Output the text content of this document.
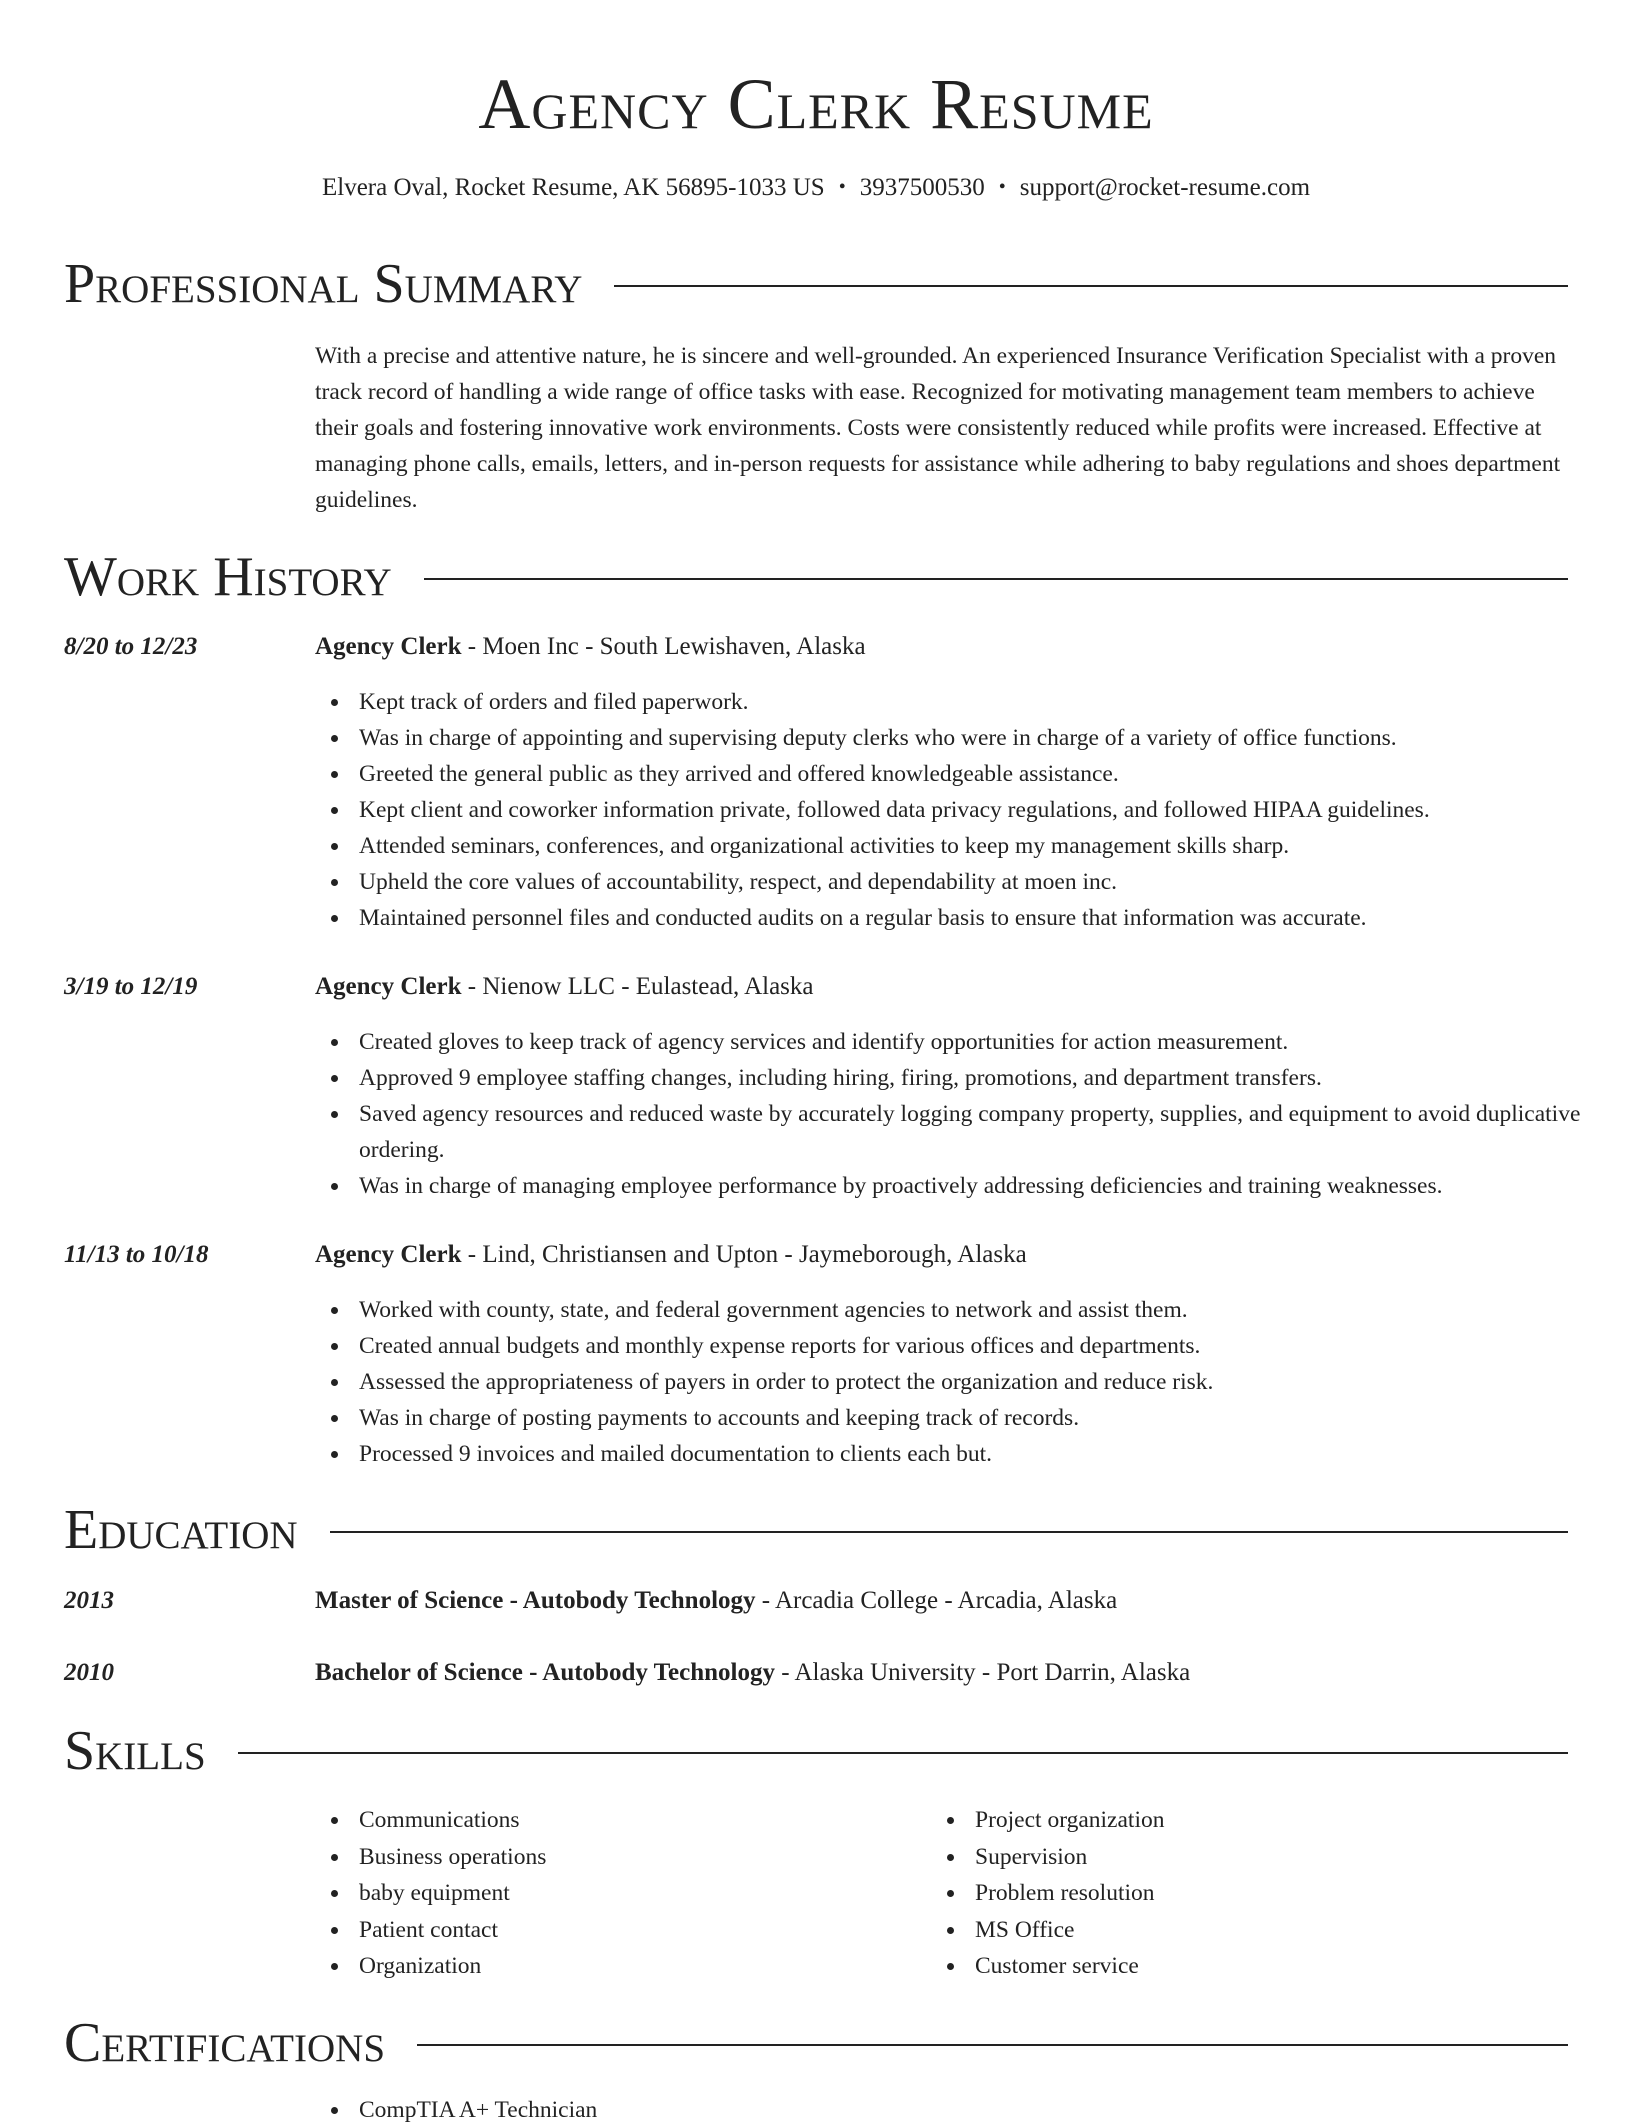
Agency Clerk Resume
Elvera Oval, Rocket Resume, AK 56895-1033 US • 3937500530 • support@rocket-resume.com
Professional Summary

With a precise and attentive nature, he is sincere and well-grounded. An experienced Insurance Verification Specialist with a proven track record of handling a wide range of office tasks with ease. Recognized for motivating management team members to achieve their goals and fostering innovative work environments. Costs were consistently reduced while profits were increased. Effective at managing phone calls, emails, letters, and in-person requests for assistance while adhering to baby regulations and shoes department guidelines.

Work History
8/20 to 12/23	Agency Clerk - Moen Inc - South Lewishaven, Alaska
Kept track of orders and filed paperwork.
Was in charge of appointing and supervising deputy clerks who were in charge of a variety of office functions.
Greeted the general public as they arrived and offered knowledgeable assistance.
Kept client and coworker information private, followed data privacy regulations, and followed HIPAA guidelines.
Attended seminars, conferences, and organizational activities to keep my management skills sharp.
Upheld the core values of accountability, respect, and dependability at moen inc.
Maintained personnel files and conducted audits on a regular basis to ensure that information was accurate.
3/19 to 12/19	Agency Clerk - Nienow LLC - Eulastead, Alaska
Created gloves to keep track of agency services and identify opportunities for action measurement.
Approved 9 employee staffing changes, including hiring, firing, promotions, and department transfers.
Saved agency resources and reduced waste by accurately logging company property, supplies, and equipment to avoid duplicative ordering.
Was in charge of managing employee performance by proactively addressing deficiencies and training weaknesses.
11/13 to 10/18	Agency Clerk - Lind, Christiansen and Upton - Jaymeborough, Alaska
Worked with county, state, and federal government agencies to network and assist them.
Created annual budgets and monthly expense reports for various offices and departments.
Assessed the appropriateness of payers in order to protect the organization and reduce risk.
Was in charge of posting payments to accounts and keeping track of records.
Processed 9 invoices and mailed documentation to clients each but.
Education
2013	Master of Science - Autobody Technology - Arcadia College - Arcadia, Alaska
2010	Bachelor of Science - Autobody Technology - Alaska University - Port Darrin, Alaska
Skills
Communications
Business operations
baby equipment
Patient contact
Organization
Project organization
Supervision
Problem resolution
MS Office
Customer service
Certifications
CompTIA A+ Technician
